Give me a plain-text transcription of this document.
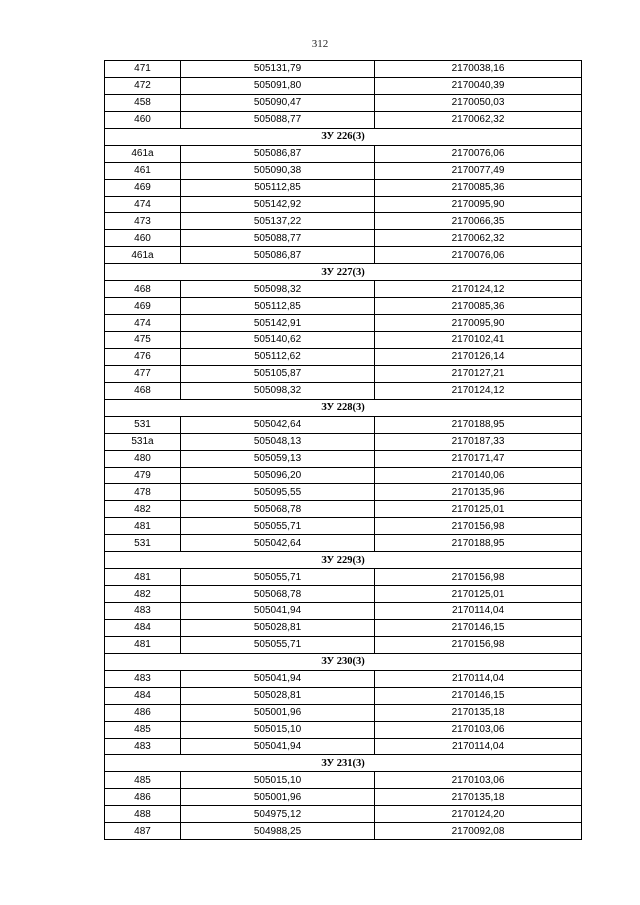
312
471	505131,79	2170038,16
472	505091,80	2170040,39
458	505090,47	2170050,03
460	505088,77	2170062,32
ЗУ 226(3)		
461а	505086,87	2170076,06
461	505090,38	2170077,49
469	505112,85	2170085,36
474	505142,92	2170095,90
473	505137,22	2170066,35
460	505088,77	2170062,32
461а	505086,87	2170076,06
ЗУ 227(3)		
468	505098,32	2170124,12
469	505112,85	2170085,36
474	505142,91	2170095,90
475	505140,62	2170102,41
476	505112,62	2170126,14
477	505105,87	2170127,21
468	505098,32	2170124,12
ЗУ 228(3)		
531	505042,64	2170188,95
531а	505048,13	2170187,33
480	505059,13	2170171,47
479	505096,20	2170140,06
478	505095,55	2170135,96
482	505068,78	2170125,01
481	505055,71	2170156,98
531	505042,64	2170188,95
ЗУ 229(3)		
481	505055,71	2170156,98
482	505068,78	2170125,01
483	505041,94	2170114,04
484	505028,81	2170146,15
481	505055,71	2170156,98
ЗУ 230(3)		
483	505041,94	2170114,04
484	505028,81	2170146,15
486	505001,96	2170135,18
485	505015,10	2170103,06
483	505041,94	2170114,04
ЗУ 231(3)		
485	505015,10	2170103,06
486	505001,96	2170135,18
488	504975,12	2170124,20
487	504988,25	2170092,08
